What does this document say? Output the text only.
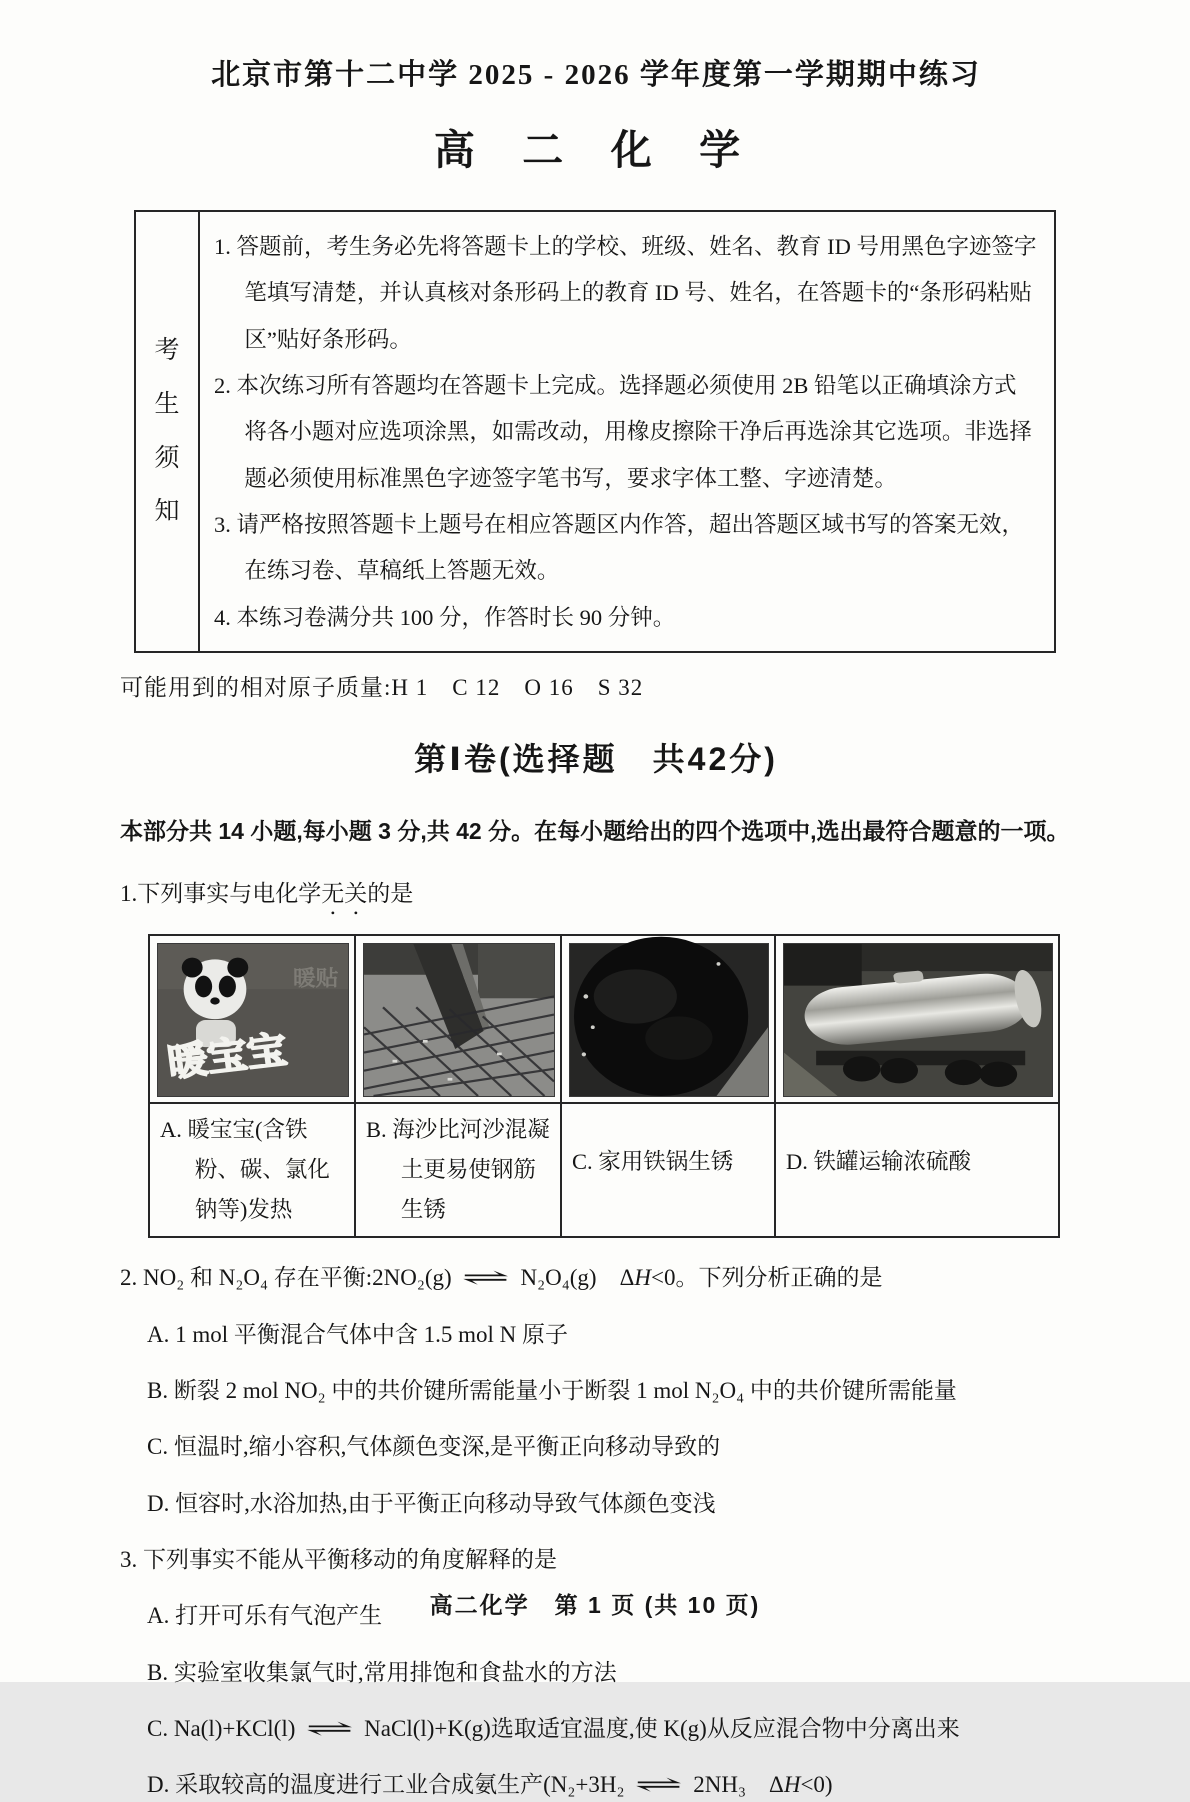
北京市第十二中学 2025 - 2026 学年度第一学期期中练习
高 二 化 学
考生须知
1. 答题前，考生务必先将答题卡上的学校、班级、姓名、教育 ID 号用黑色字迹签字笔填写清楚，并认真核对条形码上的教育 ID 号、姓名，在答题卡的“条形码粘贴区”贴好条形码。
2. 本次练习所有答题均在答题卡上完成。选择题必须使用 2B 铅笔以正确填涂方式将各小题对应选项涂黑，如需改动，用橡皮擦除干净后再选涂其它选项。非选择题必须使用标准黑色字迹签字笔书写，要求字体工整、字迹清楚。
3. 请严格按照答题卡上题号在相应答题区内作答，超出答题区域书写的答案无效，在练习卷、草稿纸上答题无效。
4. 本练习卷满分共 100 分，作答时长 90 分钟。
可能用到的相对原子质量:H 1　C 12　O 16　S 32
第Ⅰ卷(选择题　共42分)
本部分共 14 小题,每小题 3 分,共 42 分。在每小题给出的四个选项中,选出最符合题意的一项。
1.下列事实与电化学无关的是
暖贴
暖宝宝

A. 暖宝宝(含铁粉、碳、氯化钠等)发热

B. 海沙比河沙混凝土更易使钢筋生锈

C. 家用铁锅生锈 D. 铁罐运输浓硫酸

2. NO₂ 和 N₂O₄ 存在平衡:2NO₂(g) ⇌ N₂O₄(g)　ΔH<0。下列分析正确的是
A. 1 mol 平衡混合气体中含 1.5 mol N 原子
B. 断裂 2 mol NO₂ 中的共价键所需能量小于断裂 1 mol N₂O₄ 中的共价键所需能量
C. 恒温时,缩小容积,气体颜色变深,是平衡正向移动导致的
D. 恒容时,水浴加热,由于平衡正向移动导致气体颜色变浅
3. 下列事实不能从平衡移动的角度解释的是
A. 打开可乐有气泡产生
B. 实验室收集氯气时,常用排饱和食盐水的方法
C. Na(l)+KCl(l) ⇌ NaCl(l)+K(g)选取适宜温度,使 K(g)从反应混合物中分离出来
D. 采取较高的温度进行工业合成氨生产(N₂+3H₂ ⇌ 2NH₃　ΔH<0)
高二化学　第 1 页 (共 10 页)
